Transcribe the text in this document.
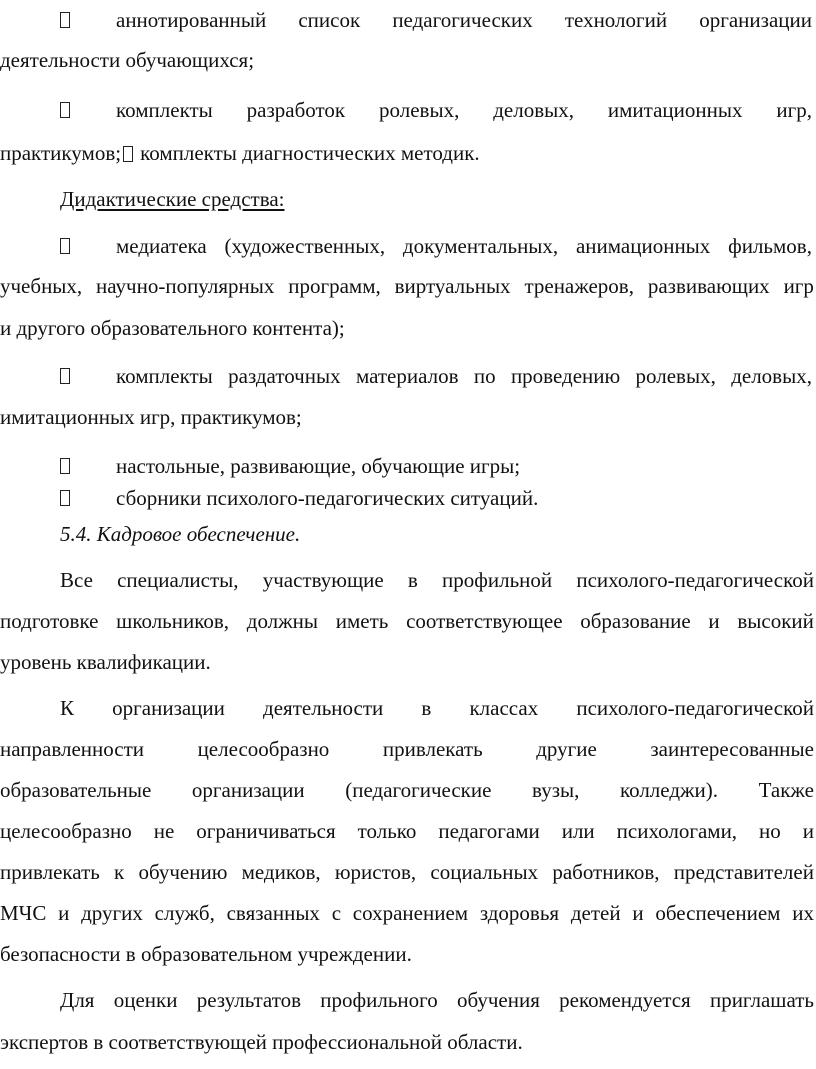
аннотированный список педагогических технологий организации
деятельности обучающихся;
комплекты разработок ролевых, деловых, имитационных игр,
практикумов; комплекты диагностических методик.
Дидактические средства:
медиатека (художественных, документальных, анимационных фильмов,
учебных, научно-популярных программ, виртуальных тренажеров, развивающих игр
и другого образовательного контента);
комплекты раздаточных материалов по проведению ролевых, деловых,
имитационных игр, практикумов;
настольные, развивающие, обучающие игры;
сборники психолого-педагогических ситуаций.
5.4. Кадровое обеспечение.
Все специалисты, участвующие в профильной психолого-педагогической
подготовке школьников, должны иметь соответствующее образование и высокий
уровень квалификации.
К организации деятельности в классах психолого-педагогической
направленности	целесообразно	привлекать	другие	заинтересованные
образовательные организации (педагогические вузы, колледжи). Также
целесообразно не ограничиваться только педагогами или психологами, но и
привлекать к обучению медиков, юристов, социальных работников, представителей
МЧС и других служб, связанных с сохранением здоровья детей и обеспечением их
безопасности в образовательном учреждении.
Для оценки результатов профильного обучения рекомендуется приглашать
экспертов в соответствующей профессиональной области.
